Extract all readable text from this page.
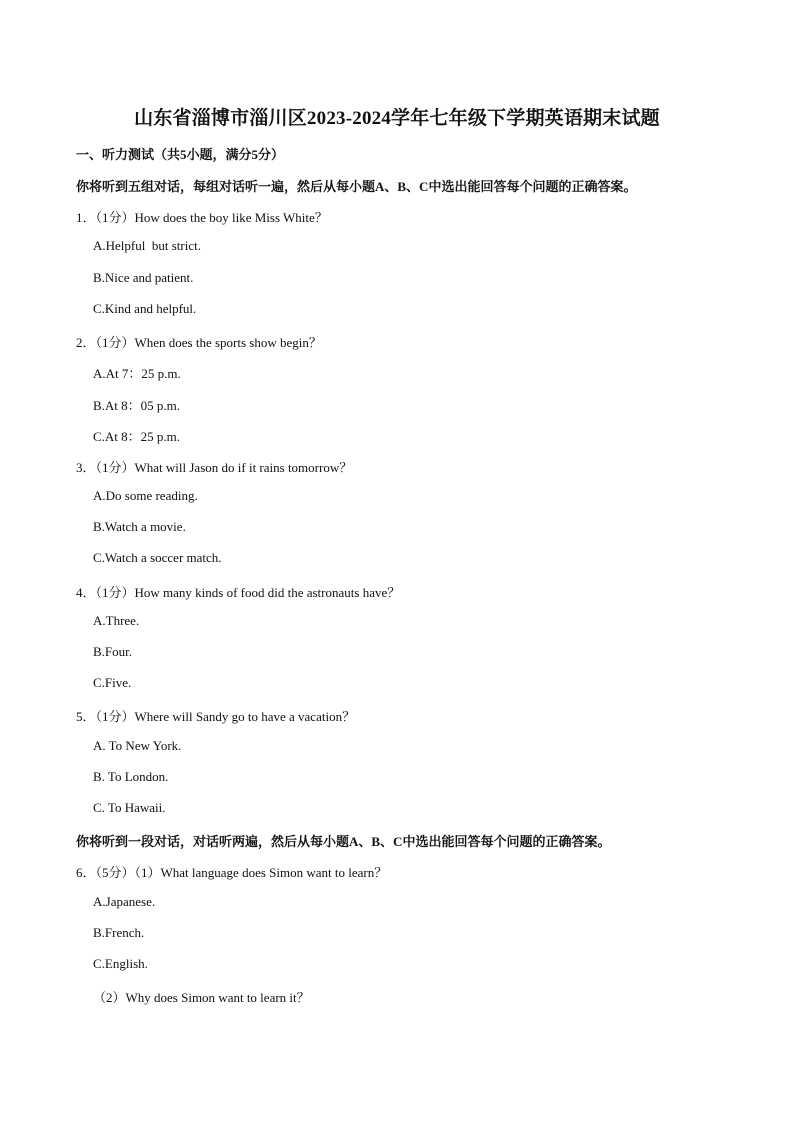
山东省淄博市淄川区2023-2024学年七年级下学期英语期末试题
一、听力测试（共5小题，满分5分）
你将听到五组对话，每组对话听一遍，然后从每小题A、B、C中选出能回答每个问题的正确答案。
1．（1分）How does the boy like Miss White？
A.Helpful  but strict.
B.Nice and patient.
C.Kind and helpful.
2．（1分）When does the sports show begin？
A.At 7：25 p.m.
B.At 8：05 p.m.
C.At 8：25 p.m.
3．（1分）What will Jason do if it rains tomorrow？
A.Do some reading.
B.Watch a movie.
C.Watch a soccer match.
4．（1分）How many kinds of food did the astronauts have？
A.Three.
B.Four.
C.Five.
5．（1分）Where will Sandy go to have a vacation？
A. To New York.
B. To London.
C. To Hawaii.
你将听到一段对话，对话听两遍，然后从每小题A、B、C中选出能回答每个问题的正确答案。
6．（5分）（1）What language does Simon want to learn？
A.Japanese.
B.French.
C.English.
（2）Why does Simon want to learn it？
